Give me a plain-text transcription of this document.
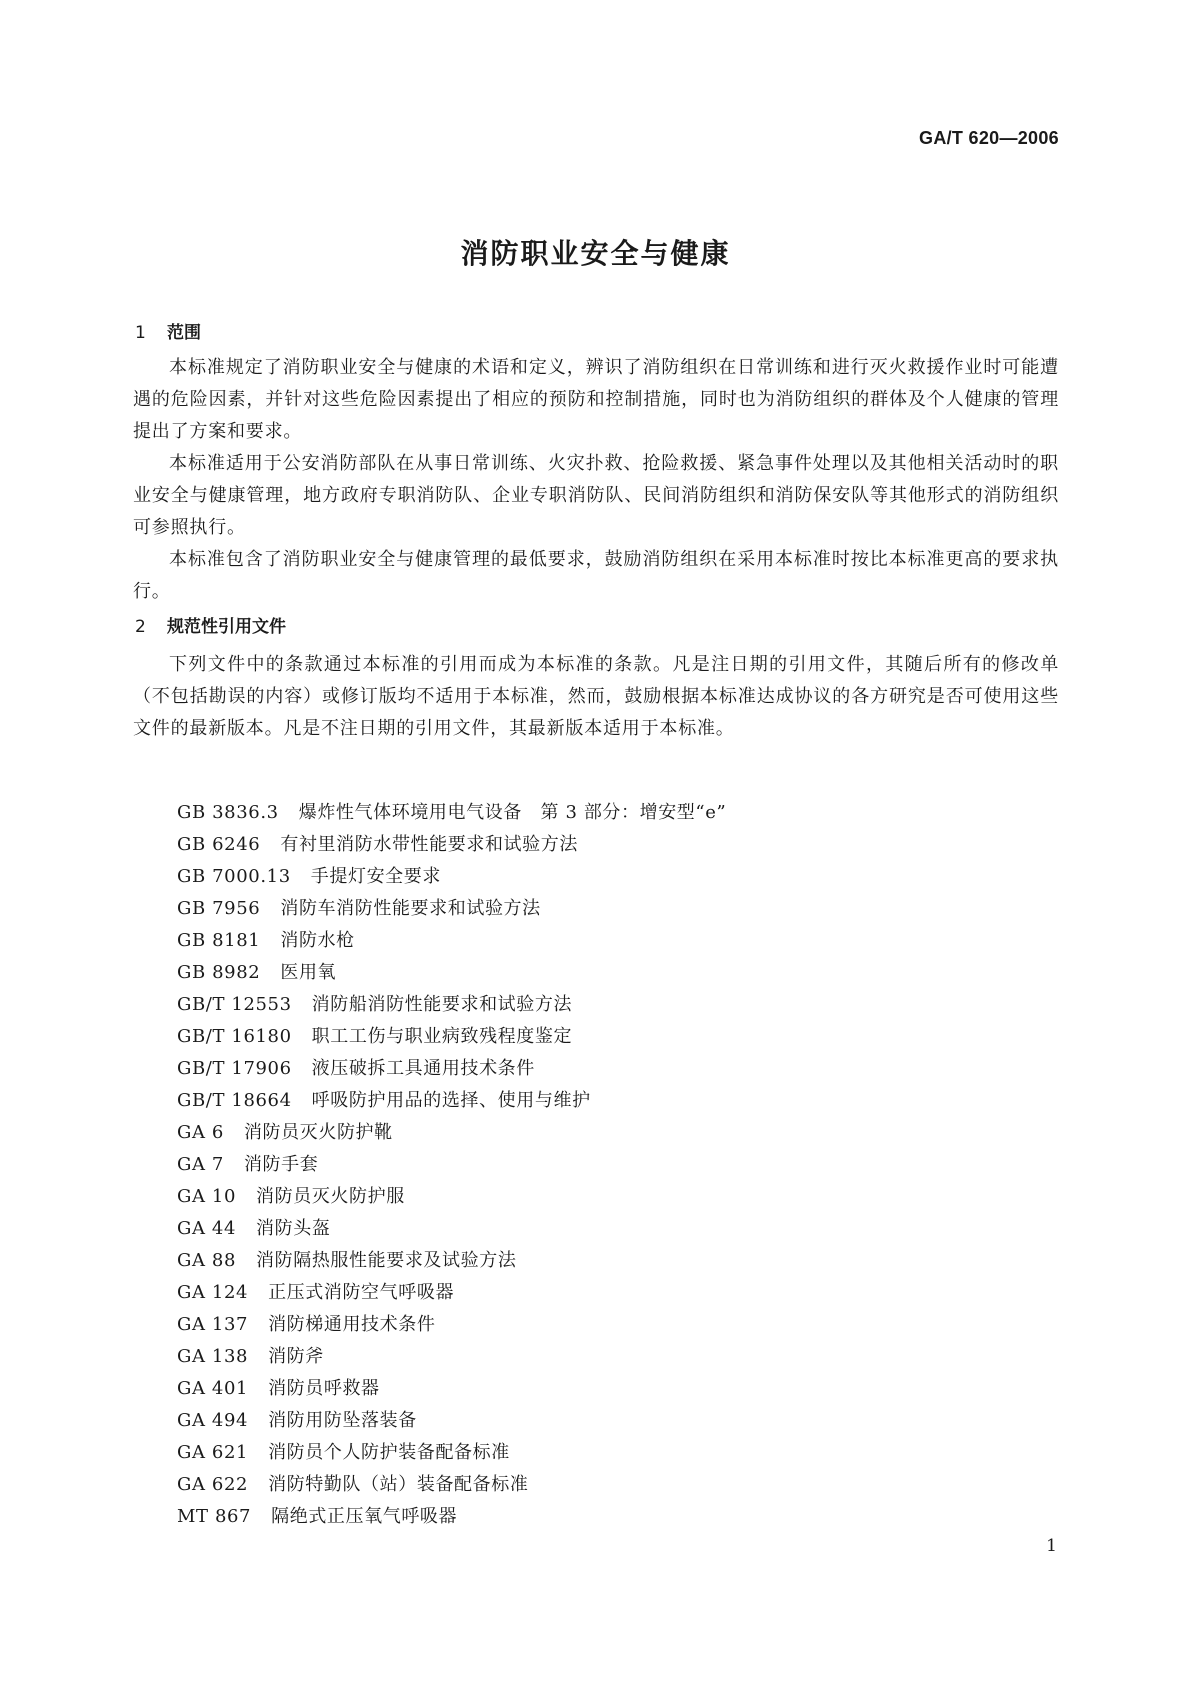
GA/T 620—2006
消防职业安全与健康
1 范围

本标准规定了消防职业安全与健康的术语和定义，辨识了消防组织在日常训练和进行灭火救援作业时可能遭遇的危险因素，并针对这些危险因素提出了相应的预防和控制措施，同时也为消防组织的群体及个人健康的管理提出了方案和要求。

本标准适用于公安消防部队在从事日常训练、火灾扑救、抢险救援、紧急事件处理以及其他相关活动时的职业安全与健康管理，地方政府专职消防队、企业专职消防队、民间消防组织和消防保安队等其他形式的消防组织可参照执行。

本标准包含了消防职业安全与健康管理的最低要求，鼓励消防组织在采用本标准时按比本标准更高的要求执行。

2 规范性引用文件

下列文件中的条款通过本标准的引用而成为本标准的条款。凡是注日期的引用文件，其随后所有的修改单（不包括勘误的内容）或修订版均不适用于本标准，然而，鼓励根据本标准达成协议的各方研究是否可使用这些文件的最新版本。凡是不注日期的引用文件，其最新版本适用于本标准。

GB 3836.3 爆炸性气体环境用电气设备　第 3 部分：增安型“e”
GB 6246 有衬里消防水带性能要求和试验方法
GB 7000.13 手提灯安全要求
GB 7956 消防车消防性能要求和试验方法
GB 8181 消防水枪
GB 8982 医用氧
GB/T 12553 消防船消防性能要求和试验方法
GB/T 16180 职工工伤与职业病致残程度鉴定
GB/T 17906 液压破拆工具通用技术条件
GB/T 18664 呼吸防护用品的选择、使用与维护
GA 6 消防员灭火防护靴
GA 7 消防手套
GA 10 消防员灭火防护服
GA 44 消防头盔
GA 88 消防隔热服性能要求及试验方法
GA 124 正压式消防空气呼吸器
GA 137 消防梯通用技术条件
GA 138 消防斧
GA 401 消防员呼救器
GA 494 消防用防坠落装备
GA 621 消防员个人防护装备配备标准
GA 622 消防特勤队（站）装备配备标准
MT 867 隔绝式正压氧气呼吸器
1
